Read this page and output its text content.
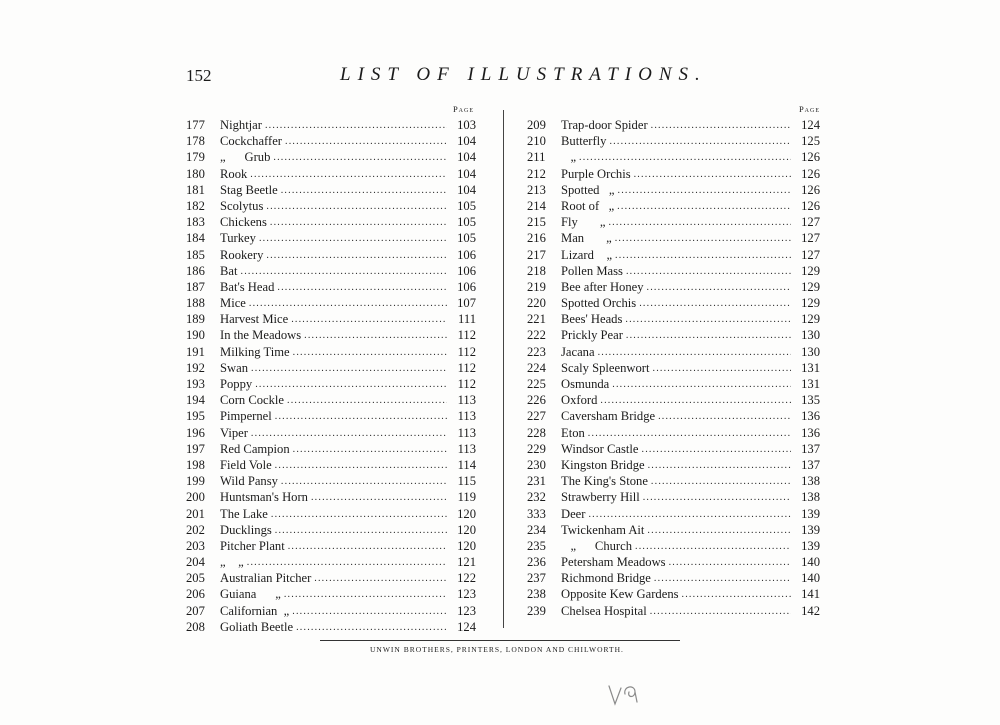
152	LIST OF ILLUSTRATIONS.
Page
177	Nightjar .....	103
178	Cockchaffer .....	104
179	„      Grub .....	104
180	Rook .....	104
181	Stag Beetle .....	104
182	Scolytus .....	105
183	Chickens .....	105
184	Turkey .....	105
185	Rookery .....	106
186	Bat .....	106
187	Bat's Head .....	106
188	Mice .....	107
189	Harvest Mice .....	111
190	In the Meadows .....	112
191	Milking Time .....	112
192	Swan .....	112
193	Poppy .....	112
194	Corn Cockle .....	113
195	Pimpernel .....	113
196	Viper .....	113
197	Red Campion .....	113
198	Field Vole .....	114
199	Wild Pansy .....	115
200	Huntsman's Horn .....	119
201	The Lake .....	120
202	Ducklings .....	120
203	Pitcher Plant .....	120
204	„    „ .....	121
205	Australian Pitcher .....	122
206	Guiana      „ .....	123
207	Californian  „ .....	123
208	Goliath Beetle .....	124
Page
209	Trap-door Spider .....	124
210	Butterfly .....	125
211	„ .....	126
212	Purple Orchis .....	126
213	Spotted   „ .....	126
214	Root of   „ .....	126
215	Fly       „ .....	127
216	Man       „ .....	127
217	Lizard    „ .....	127
218	Pollen Mass .....	129
219	Bee after Honey .....	129
220	Spotted Orchis .....	129
221	Bees' Heads .....	129
222	Prickly Pear .....	130
223	Jacana .....	130
224	Scaly Spleenwort .....	131
225	Osmunda .....	131
226	Oxford .....	135
227	Caversham Bridge .....	136
228	Eton .....	136
229	Windsor Castle .....	137
230	Kingston Bridge .....	137
231	The King's Stone .....	138
232	Strawberry Hill .....	138
333	Deer .....	139
234	Twickenham Ait .....	139
235	„      Church .....	139
236	Petersham Meadows .....	140
237	Richmond Bridge .....	140
238	Opposite Kew Gardens .....	141
239	Chelsea Hospital .....	142
UNWIN BROTHERS, PRINTERS, LONDON AND CHILWORTH.
